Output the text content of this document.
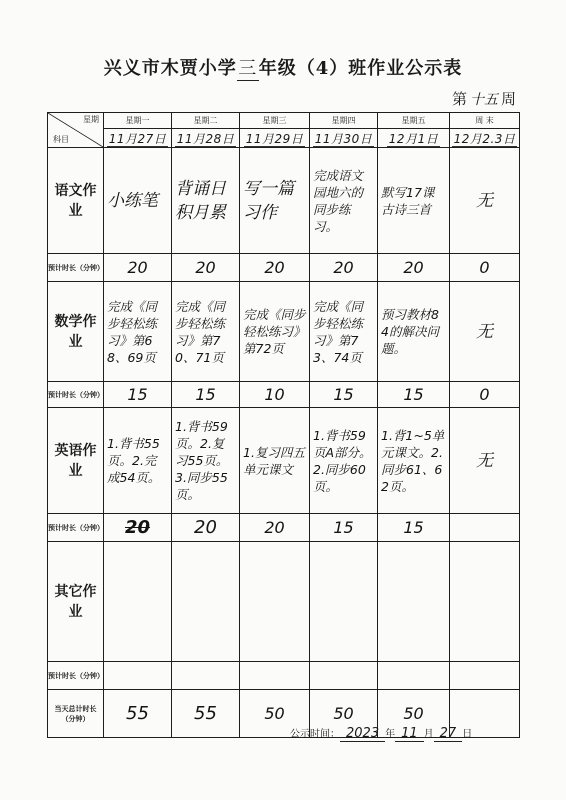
兴义市木贾小学三年级（4）班作业公示表
第 十五 周
星期
科目	星期一	星期二	星期三	星期四	星期五	周 末
	11月27日	11月28日	11月29日	11月30日	12月1日	12月2.3日
语文作业	小练笔	背诵日积月累	写一篇习作	完成语文园地六的同步练习。	默写17课古诗三首	无
预计时长（分钟）	20	20	20	20	20	0
数学作业	完成《同步轻松练习》第68、69页	完成《同步轻松练习》第70、71页	完成《同步轻松练习》第72页	完成《同步轻松练习》第73、74页	预习教材84的解决问题。	无
预计时长（分钟）	15	15	10	15	15	0
英语作业	1.背书55页。2.完成54页。	1.背书59页。2.复习55页。3.同步55页。	1.复习四五单元课文	1.背书59页A部分。2.同步60页。	1.背1~5单元课文。2.同步61、62页。	无
预计时长（分钟）	20	20	20	15	15	
其它作业						
预计时长（分钟）						
当天总计时长（分钟）	55	55	50	50	50	
公示时间： 2023 年 11 月 27 日
